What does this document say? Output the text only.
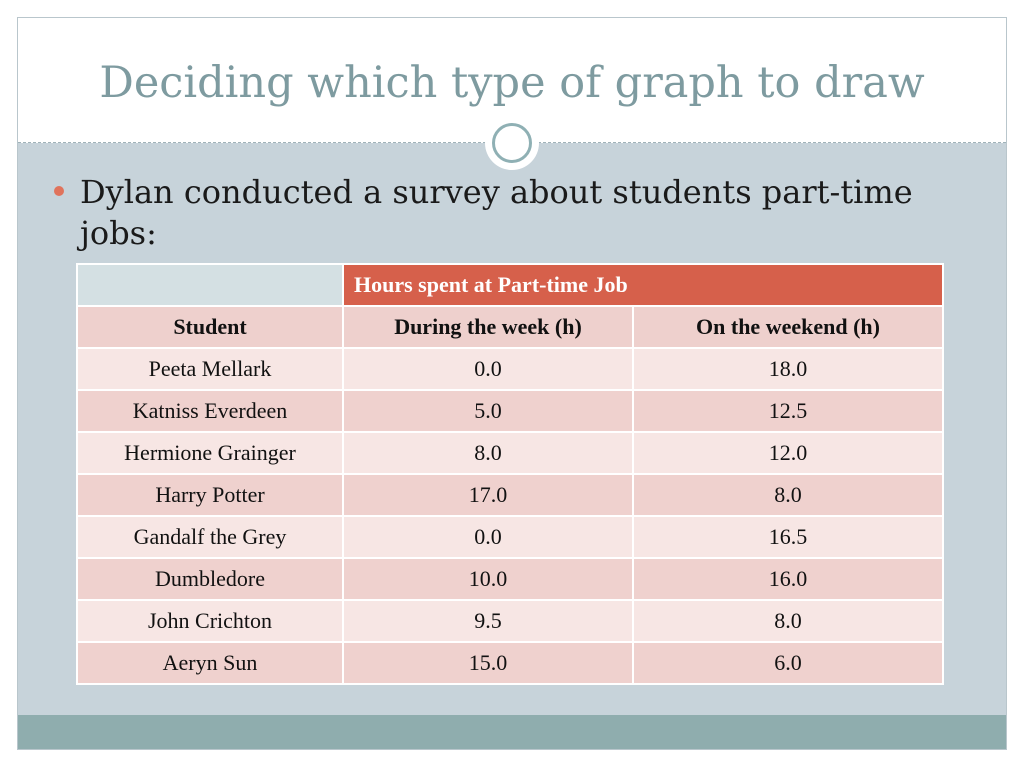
Deciding which type of graph to draw
Dylan conducted a survey about students part-time jobs:
	Hours spent at Part-time Job	
Student	During the week (h)	On the weekend (h)
Peeta Mellark	0.0	18.0
Katniss Everdeen	5.0	12.5
Hermione Grainger	8.0	12.0
Harry Potter	17.0	8.0
Gandalf the Grey	0.0	16.5
Dumbledore	10.0	16.0
John Crichton	9.5	8.0
Aeryn Sun	15.0	6.0
